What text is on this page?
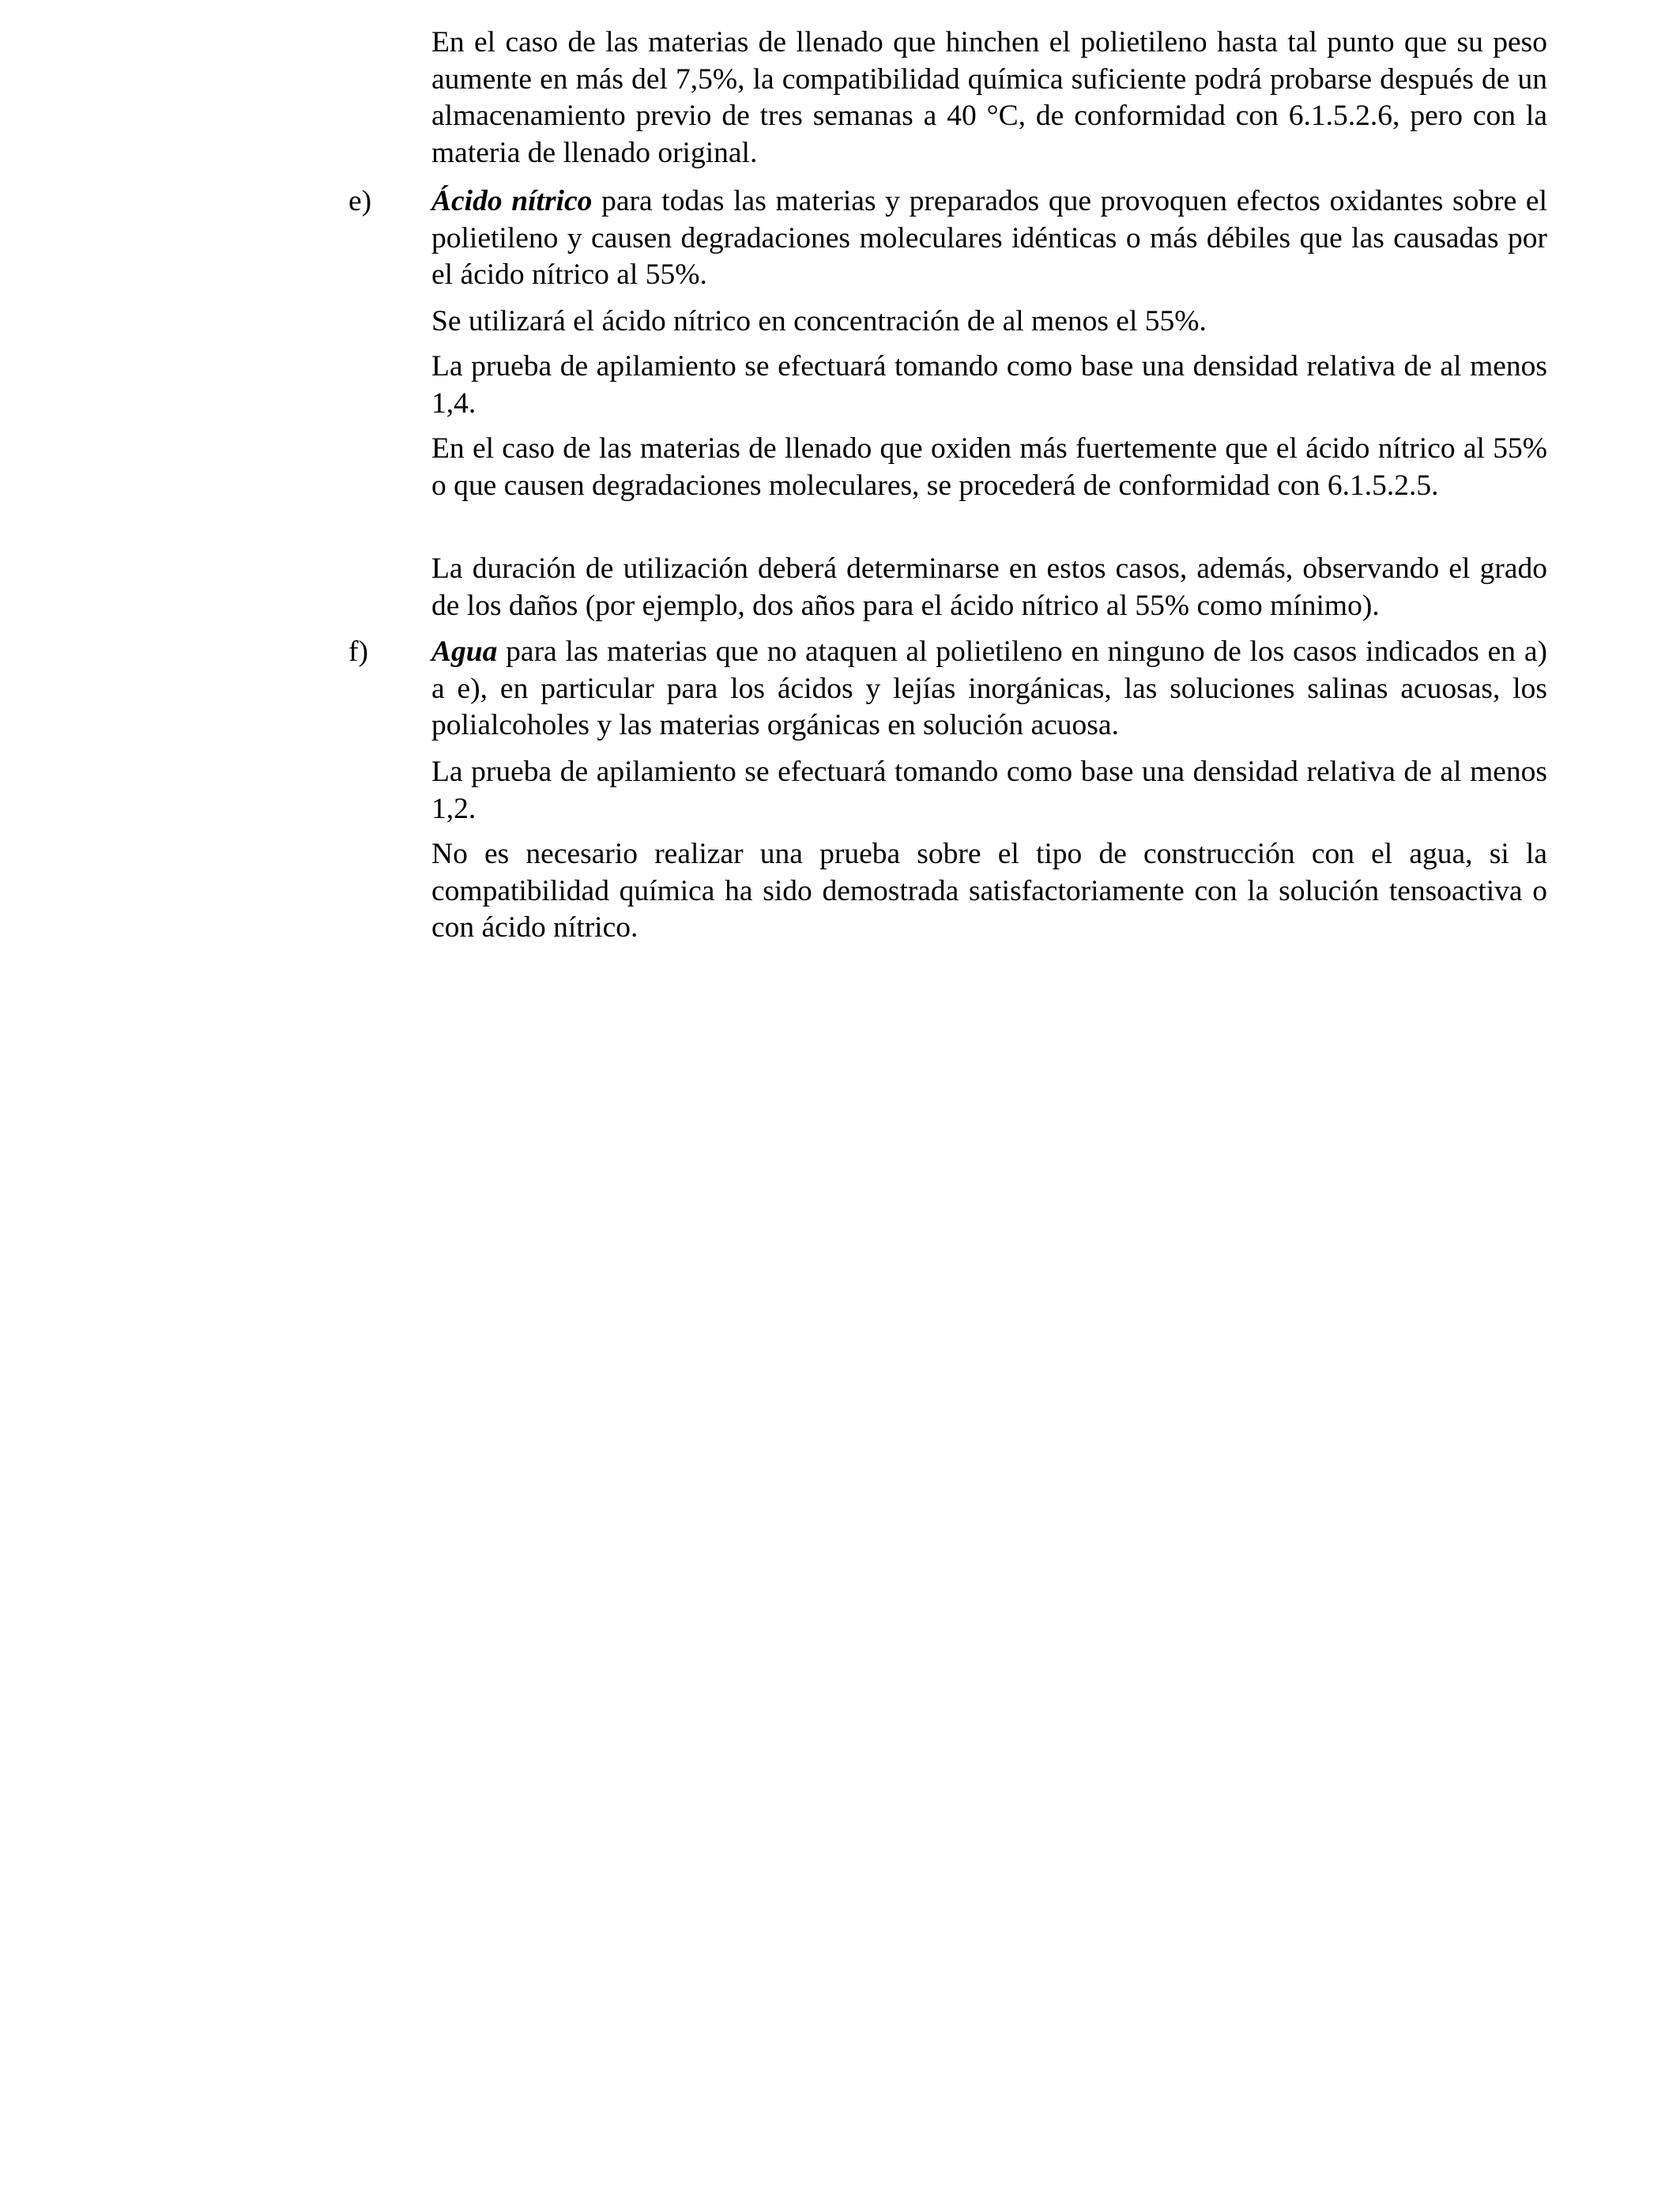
En el caso de las materias de llenado que hinchen el polietileno hasta tal punto que su peso aumente en más del 7,5%, la compatibilidad química suficiente podrá probarse después de un almacenamiento previo de tres semanas a 40 °C, de conformidad con 6.1.5.2.6, pero con la materia de llenado original.

e) Ácido nítrico para todas las materias y preparados que provoquen efectos oxidantes sobre el polietileno y causen degradaciones moleculares idénticas o más débiles que las causadas por el ácido nítrico al 55%.

Se utilizará el ácido nítrico en concentración de al menos el 55%.

La prueba de apilamiento se efectuará tomando como base una densidad relativa de al menos 1,4.

En el caso de las materias de llenado que oxiden más fuertemente que el ácido nítrico al 55% o que causen degradaciones moleculares, se procederá de conformidad con 6.1.5.2.5.

La duración de utilización deberá determinarse en estos casos, además, observando el grado de los daños (por ejemplo, dos años para el ácido nítrico al 55% como mínimo).

f) Agua para las materias que no ataquen al polietileno en ninguno de los casos indicados en a) a e), en particular para los ácidos y lejías inorgánicas, las soluciones salinas acuosas, los polialcoholes y las materias orgánicas en solución acuosa.

La prueba de apilamiento se efectuará tomando como base una densidad relativa de al menos 1,2.

No es necesario realizar una prueba sobre el tipo de construcción con el agua, si la compatibilidad química ha sido demostrada satisfactoriamente con la solución tensoactiva o con ácido nítrico.
